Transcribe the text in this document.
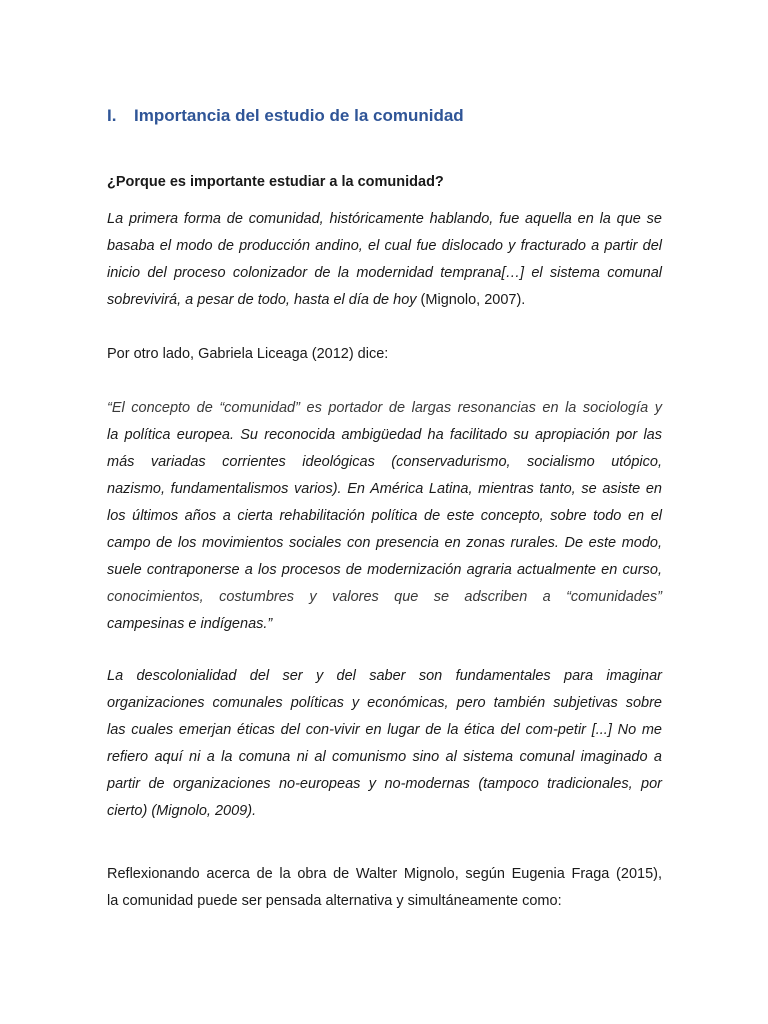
I. Importancia del estudio de la comunidad

¿Porque es importante estudiar a la comunidad?

La primera forma de comunidad, históricamente hablando, fue aquella en la que se
basaba el modo de producción andino, el cual fue dislocado y fracturado a partir del
inicio del proceso colonizador de la modernidad temprana[…] el sistema comunal
sobrevivirá, a pesar de todo, hasta el día de hoy (Mignolo, 2007).
Por otro lado, Gabriela Liceaga (2012) dice:
“El concepto de “comunidad” es portador de largas resonancias en la sociología y
la política europea. Su reconocida ambigüedad ha facilitado su apropiación por las
más variadas corrientes ideológicas (conservadurismo, socialismo utópico,
nazismo, fundamentalismos varios). En América Latina, mientras tanto, se asiste en
los últimos años a cierta rehabilitación política de este concepto, sobre todo en el
campo de los movimientos sociales con presencia en zonas rurales. De este modo,
suele contraponerse a los procesos de modernización agraria actualmente en curso,
conocimientos, costumbres y valores que se adscriben a “comunidades”
campesinas e indígenas.”
La descolonialidad del ser y del saber son fundamentales para imaginar
organizaciones comunales políticas y económicas, pero también subjetivas sobre
las cuales emerjan éticas del con-vivir en lugar de la ética del com-petir [...] No me
refiero aquí ni a la comuna ni al comunismo sino al sistema comunal imaginado a
partir de organizaciones no-europeas y no-modernas (tampoco tradicionales, por
cierto) (Mignolo, 2009).
Reflexionando acerca de la obra de Walter Mignolo, según Eugenia Fraga (2015),
la comunidad puede ser pensada alternativa y simultáneamente como:
